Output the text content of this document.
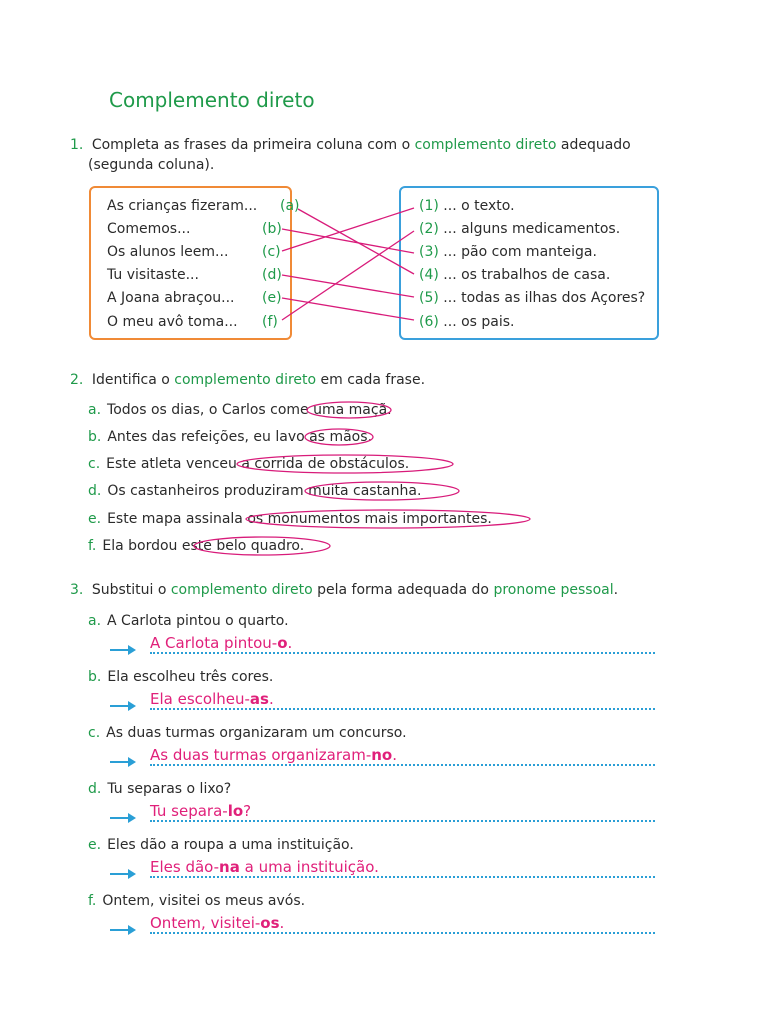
Complemento direto
1. Completa as frases da primeira coluna com o complemento direto adequado
(segunda coluna).
As crianças fizeram... (a)
Comemos...	(b)
Os alunos leem... (c)
Tu visitaste...	(d)
A Joana abraçou... (e)
O meu avô toma... (f)
(1) ... o texto.
(2) ... alguns medicamentos.
(3) ... pão com manteiga.
(4) ... os trabalhos de casa.
(5) ... todas as ilhas dos Açores?
(6) ... os pais.
2. Identifica o complemento direto em cada frase.
a. Todos os dias, o Carlos come uma maçã.
b. Antes das refeições, eu lavo as mãos.
c. Este atleta venceu a corrida de obstáculos.
d. Os castanheiros produziram muita castanha.
e. Este mapa assinala os monumentos mais importantes.
f. Ela bordou este belo quadro.
3. Substitui o complemento direto pela forma adequada do pronome pessoal.
a. A Carlota pintou o quarto.
A Carlota pintou-o.
b. Ela escolheu três cores.
Ela escolheu-as.
c. As duas turmas organizaram um concurso.
As duas turmas organizaram-no.
d. Tu separas o lixo?
Tu separa-lo?
e. Eles dão a roupa a uma instituição.
Eles dão-na a uma instituição.
f. Ontem, visitei os meus avós.
Ontem, visitei-os.
